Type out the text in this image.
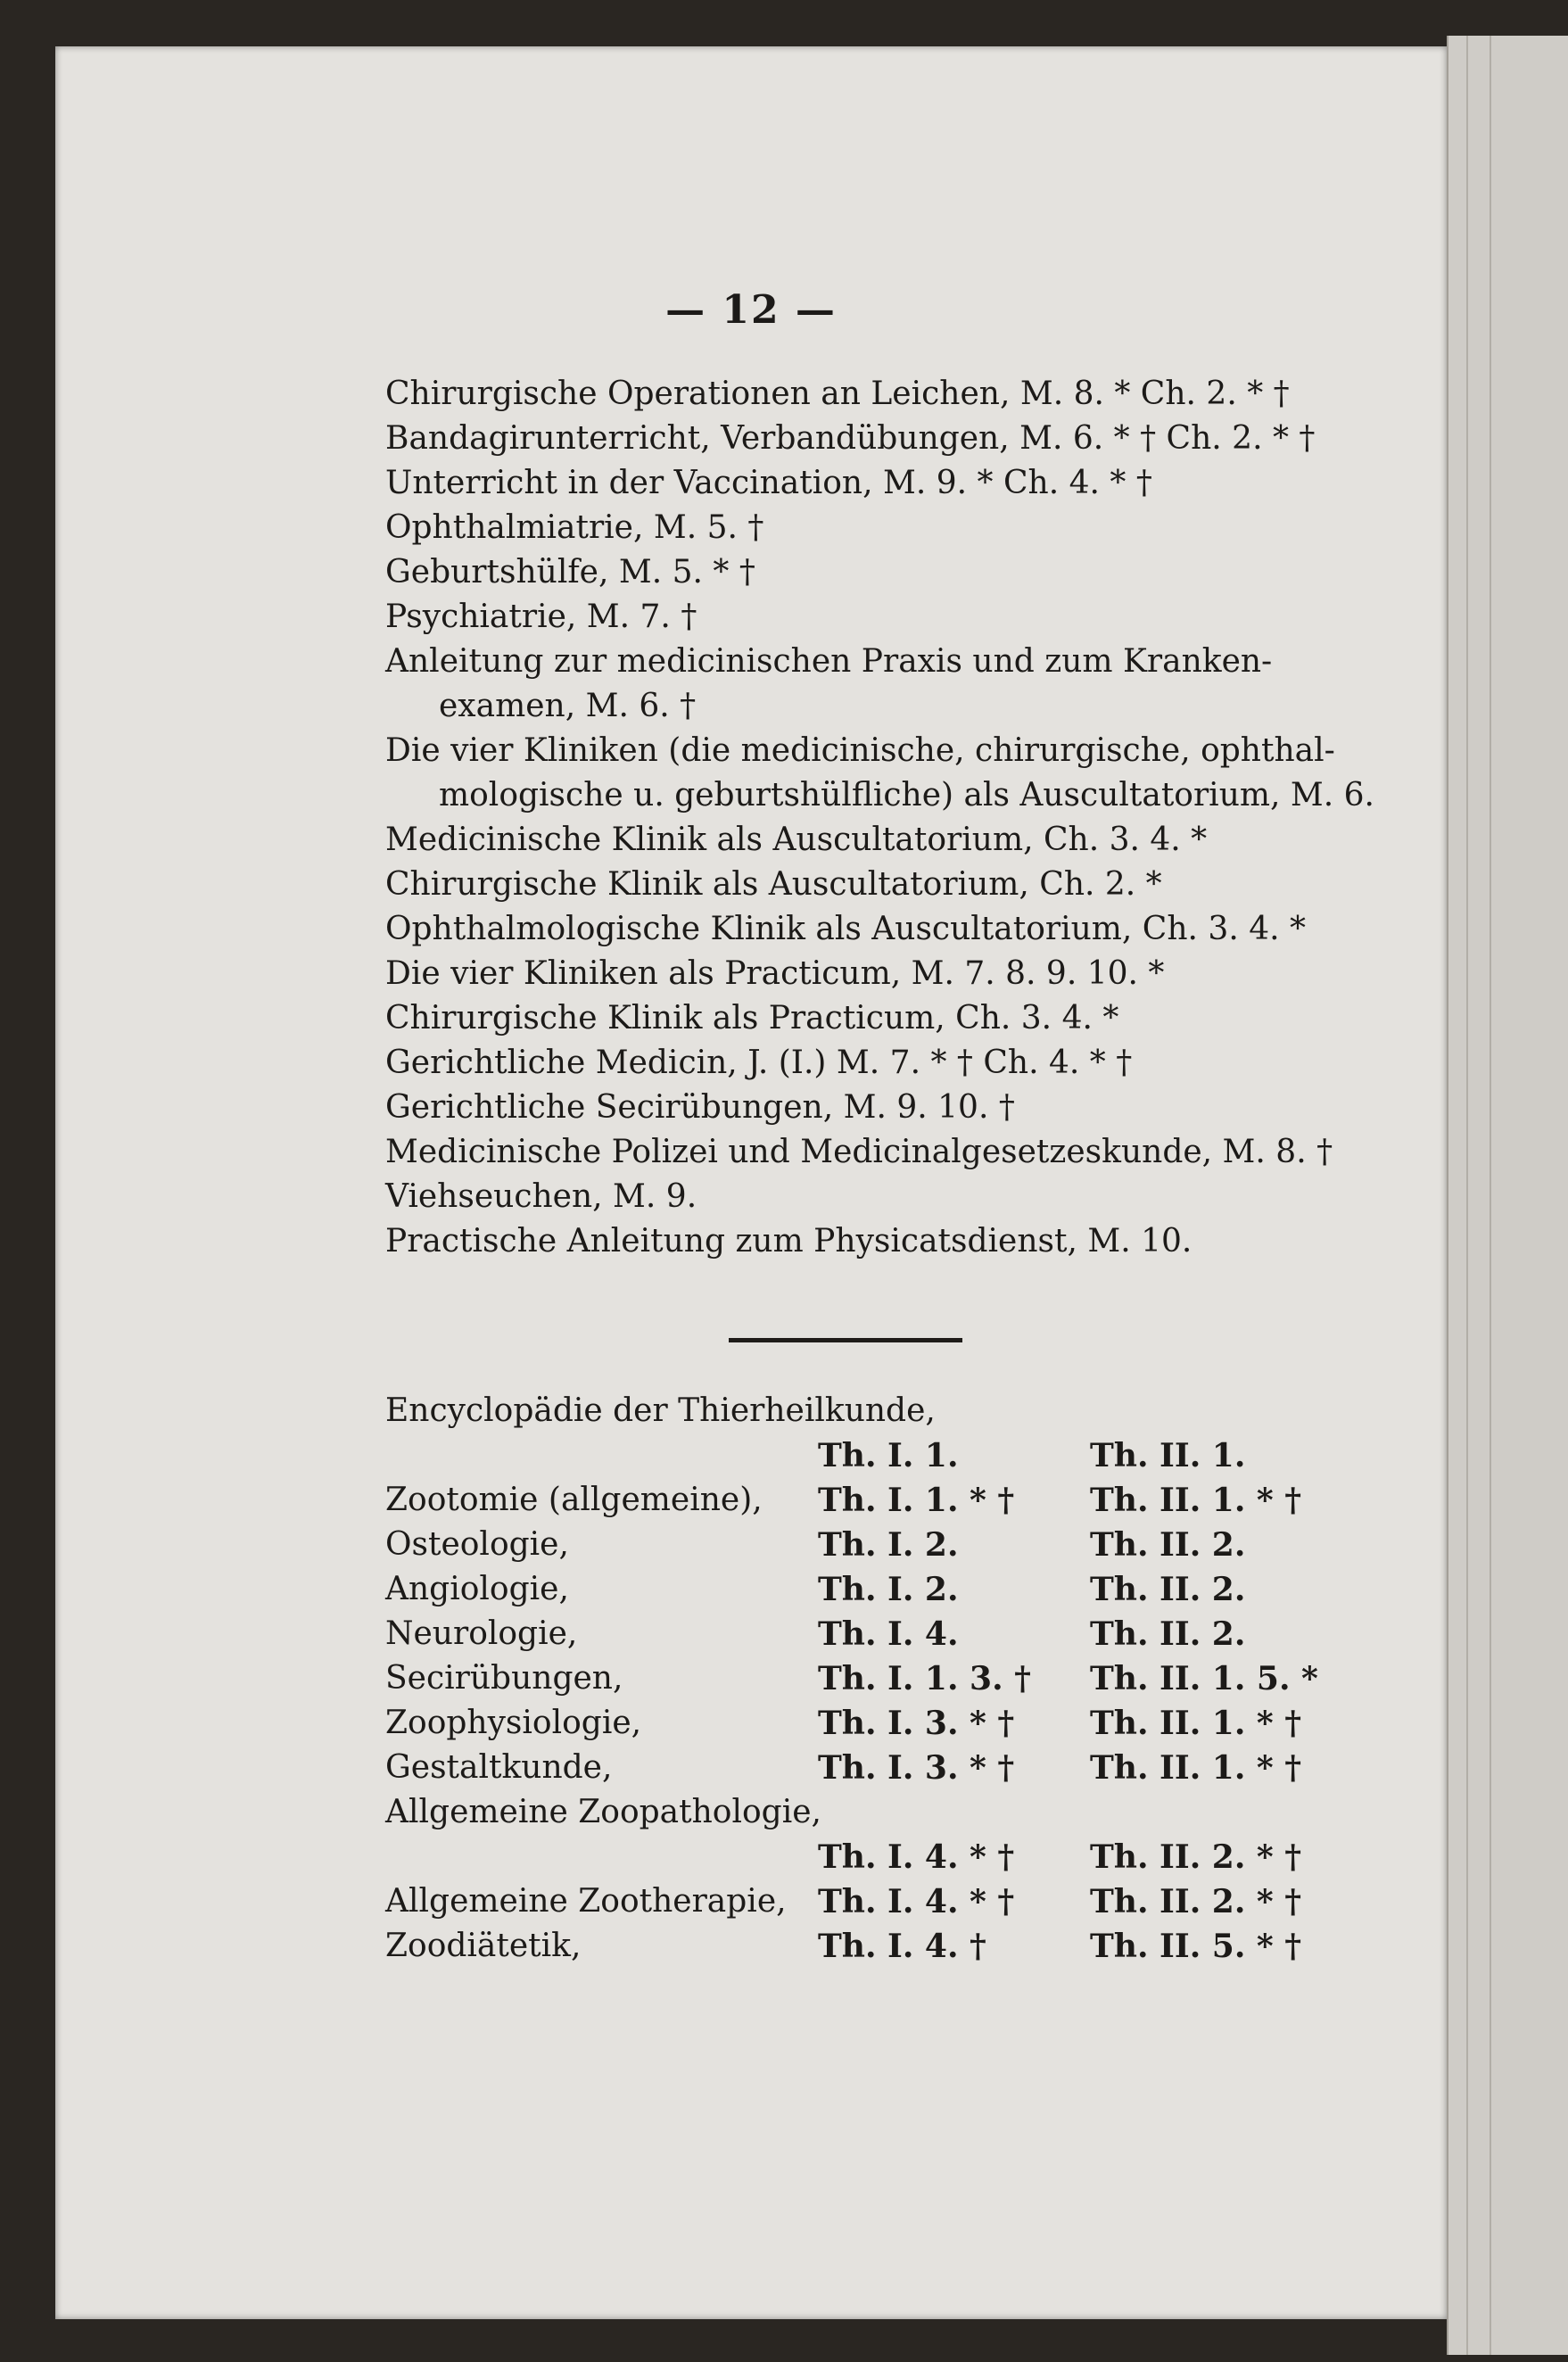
— 12 —
Chirurgische Operationen an Leichen, M. 8. * Ch. 2. * †
Bandagirunterricht, Verbandübungen, M. 6. * † Ch. 2. * †
Unterricht in der Vaccination, M. 9. * Ch. 4. * †
Ophthalmiatrie, M. 5. †
Geburtshülfe, M. 5. * †
Psychiatrie, M. 7. †
Anleitung zur medicinischen Praxis und zum Kranken-
examen, M. 6. †
Die vier Kliniken (die medicinische, chirurgische, ophthal-
mologische u. geburtshülfliche) als Auscultatorium, M. 6.
Medicinische Klinik als Auscultatorium, Ch. 3. 4. *
Chirurgische Klinik als Auscultatorium, Ch. 2. *
Ophthalmologische Klinik als Auscultatorium, Ch. 3. 4. *
Die vier Kliniken als Practicum, M. 7. 8. 9. 10. *
Chirurgische Klinik als Practicum, Ch. 3. 4. *
Gerichtliche Medicin, J. (I.) M. 7. * † Ch. 4. * †
Gerichtliche Secirübungen, M. 9. 10. †
Medicinische Polizei und Medicinalgesetzeskunde, M. 8. †
Viehseuchen, M. 9.
Practische Anleitung zum Physicatsdienst, M. 10.
Encyclopädie der Thierheilkunde,
Th. I. 1.	Th. II. 1.
Zootomie (allgemeine), Th. I. 1. * † Th. II. 1. * †
Osteologie,	Th. I. 2.	Th. II. 2.
Angiologie,	Th. I. 2.	Th. II. 2.
Neurologie,	Th. I. 4.	Th. II. 2.
Secirübungen,	Th. I. 1. 3. † Th. II. 1. 5. *
Zoophysiologie,	Th. I. 3. * † Th. II. 1. * †
Gestaltkunde,	Th. I. 3. * † Th. II. 1. * †
Allgemeine Zoopathologie,
Th. I. 4. * † Th. II. 2. * †
Allgemeine Zootherapie, Th. I. 4. * † Th. II. 2. * †
Zoodiätetik,	Th. I. 4. †	Th. II. 5. * †
